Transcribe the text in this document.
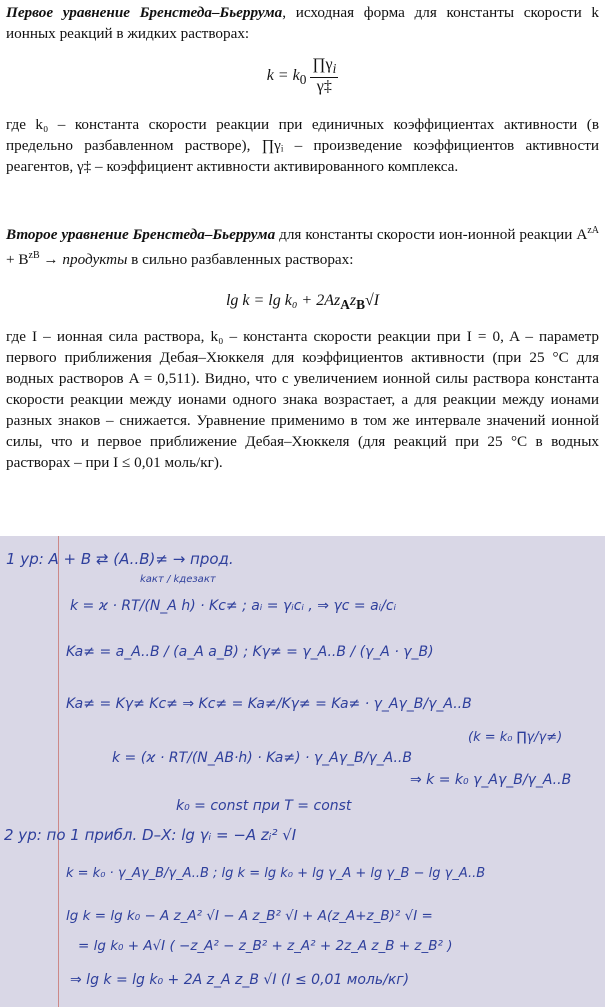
Первое уравнение Бренстеда–Бьеррума, исходная форма для константы скорости k ионных реакций в жидких растворах:
$k = k_0 \frac{\prod\gamma_i}{\gamma\ddagger}$
где k₀ – константа скорости реакции при единичных коэффициентах активности (в предельно разбавленном растворе), ∏γᵢ – произведение коэффициентов активности реагентов, γ‡ – коэффициент активности активированного комплекса.
Второе уравнение Бренстеда–Бьеррума для константы скорости ион-ионной реакции $A^{zA} + B^{zB}$ → продукты в сильно разбавленных растворах:
$\lg k = \lg k_0 + 2Az_Az_B√I$
где I – ионная сила раствора, k₀ – константа скорости реакции при I = 0, A – параметр первого приближения Дебая–Хюккеля для коэффициентов активности (при 25 °C для водных растворов A = 0,511). Видно, что с увеличением ионной силы раствора константа скорости реакции между ионами одного знака возрастает, а для реакции между ионами разных знаков – снижается. Уравнение применимо в том же интервале значений ионной силы, что и первое приближение Дебая–Хюккеля (для реакций при 25 °C в водных растворах – при I ≤ 0,01 моль/кг).
1 ур: A + B ⇄ (A..B)≠ → прод.
kакт / kдезакт
k = ϰ · RT/(N_A h) · Kc≠ ; aᵢ = γᵢcᵢ , ⇒ γc = aᵢ/cᵢ
Ka≠ = a_A..B / (a_A a_B) ; Kγ≠ = γ_A..B / (γ_A · γ_B)
Ka≠ = Kγ≠ Kc≠ ⇒ Kc≠ = Ka≠/Kγ≠ = Ka≠ · γ_Aγ_B/γ_A..B
(k = k₀ ∏γ/γ≠)
k = (ϰ · RT/(N_AB·h) · Ka≠) · γ_Aγ_B/γ_A..B
⇒ k = k₀ γ_Aγ_B/γ_A..B
k₀ = const при T = const
2 ур: по 1 прибл. D–X: lg γᵢ = −A zᵢ² √I
k = k₀ · γ_Aγ_B/γ_A..B ; lg k = lg k₀ + lg γ_A + lg γ_B − lg γ_A..B
lg k = lg k₀ − A z_A² √I − A z_B² √I + A(z_A+z_B)² √I =
= lg k₀ + A√I ( −z_A² − z_B² + z_A² + 2z_A z_B + z_B² )
⇒ lg k = lg k₀ + 2A z_A z_B √I (I ≤ 0,01 моль/кг)
